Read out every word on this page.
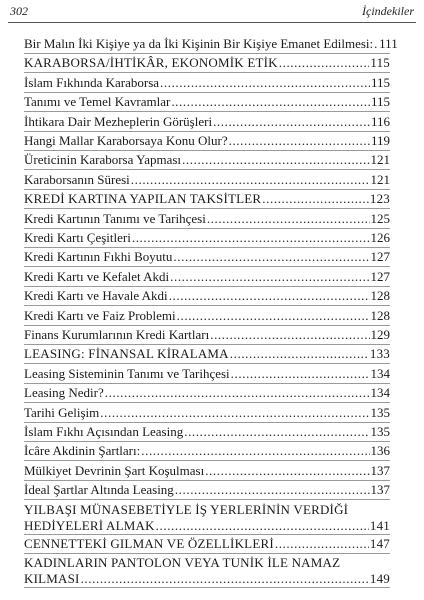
302	İçindekiler
Bir Malın İki Kişiye ya da İki Kişinin Bir Kişiye Emanet Edilmesi: ..... 111
KARABORSA/İHTİKÂR, EKONOMİK ETİK .....	115
İslam Fıkhında Karaborsa .....	115
Tanımı ve Temel Kavramlar .....	115
İhtikara Dair Mezheplerin Görüşleri .....	116
Hangi Mallar Karaborsaya Konu Olur? .....	119
Üreticinin Karaborsa Yapması .....	121
Karaborsanın Süresi .....	121
KREDİ KARTINA YAPILAN TAKSİTLER .....	123
Kredi Kartının Tanımı ve Tarihçesi .....	125
Kredi Kartı Çeşitleri .....	126
Kredi Kartının Fıkhi Boyutu .....	127
Kredi Kartı ve Kefalet Akdi .....	127
Kredi Kartı ve Havale Akdi .....	128
Kredi Kartı ve Faiz Problemi .....	128
Finans Kurumlarının Kredi Kartları .....	129
LEASING: FİNANSAL KİRALAMA .....	133
Leasing Sisteminin Tanımı ve Tarihçesi .....	134
Leasing Nedir? .....	134
Tarihi Gelişim .....	135
İslam Fıkhı Açısından Leasing .....	135
İcâre Akdinin Şartları: .....	136
Mülkiyet Devrinin Şart Koşulması .....	137
İdeal Şartlar Altında Leasing .....	137
YILBAŞI MÜNASEBETİYLE İŞ YERLERİNİN VERDİĞİ
HEDİYELERİ ALMAK .....	141
CENNETTEKİ GILMAN VE ÖZELLİKLERİ .....	147
KADINLARIN PANTOLON VEYA TUNİK İLE NAMAZ
KILMASI .....	149
